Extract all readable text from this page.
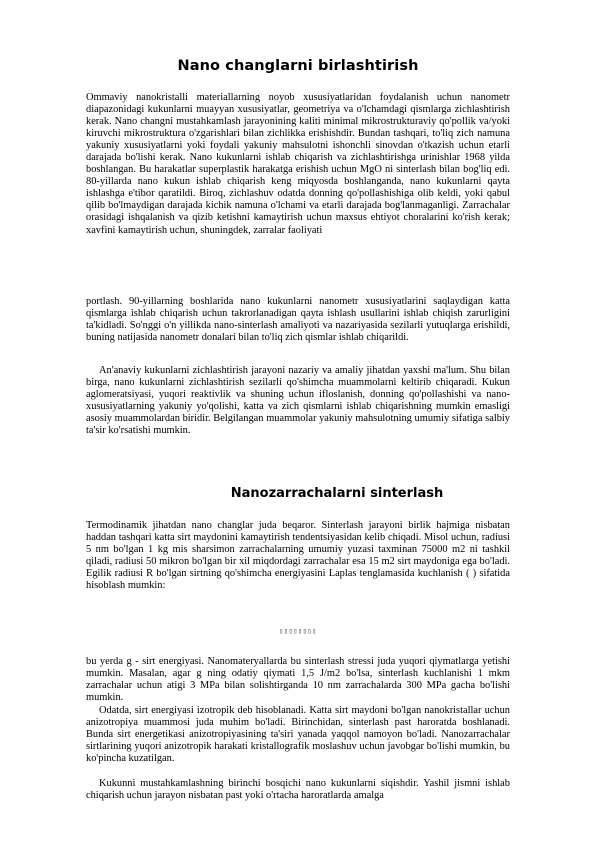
Nano changlarni birlashtirish

Ommaviy nanokristalli materiallarning noyob xususiyatlaridan foydalanish uchun nanometr diapazonidagi kukunlarni muayyan xususiyatlar, geometriya va o'lchamdagi qismlarga zichlashtirish kerak. Nano changni mustahkamlash jarayonining kaliti minimal mikrostrukturaviy qo'pollik va/yoki kiruvchi mikrostruktura o'zgarishlari bilan zichlikka erishishdir. Bundan tashqari, to'liq zich namuna yakuniy xususiyatlarni yoki foydali yakuniy mahsulotni ishonchli sinovdan o'tkazish uchun etarli darajada bo'lishi kerak. Nano kukunlarni ishlab chiqarish va zichlashtirishga urinishlar 1968 yilda boshlangan. Bu harakatlar superplastik harakatga erishish uchun MgO ni sinterlash bilan bog'liq edi. 80-yillarda nano kukun ishlab chiqarish keng miqyosda boshlanganda, nano kukunlarni qayta ishlashga e'tibor qaratildi. Biroq, zichlashuv odatda donning qo'pollashishiga olib keldi, yoki qabul qilib bo'lmaydigan darajada kichik namuna o'lchami va etarli darajada bog'lanmaganligi. Zarrachalar orasidagi ishqalanish va qizib ketishni kamaytirish uchun maxsus ehtiyot choralarini ko'rish kerak; xavfini kamaytirish uchun, shuningdek, zarralar faoliyati

portlash. 90-yillarning boshlarida nano kukunlarni nanometr xususiyatlarini saqlaydigan katta qismlarga ishlab chiqarish uchun takrorlanadigan qayta ishlash usullarini ishlab chiqish zarurligini ta'kidladi. So'nggi o'n yillikda nano-sinterlash amaliyoti va nazariyasida sezilarli yutuqlarga erishildi, buning natijasida nanometr donalari bilan to'liq zich qismlar ishlab chiqarildi.

An'anaviy kukunlarni zichlashtirish jarayoni nazariy va amaliy jihatdan yaxshi ma'lum. Shu bilan birga, nano kukunlarni zichlashtirish sezilarli qo'shimcha muammolarni keltirib chiqaradi. Kukun aglomeratsiyasi, yuqori reaktivlik va shuning uchun ifloslanish, donning qo'pollashishi va nano-xususiyatlarning yakuniy yo'qolishi, katta va zich qismlarni ishlab chiqarishning mumkin emasligi asosiy muammolardan biridir. Belgilangan muammolar yakuniy mahsulotning umumiy sifatiga salbiy ta'sir ko'rsatishi mumkin.

Nanozarrachalarni sinterlash

Termodinamik jihatdan nano changlar juda beqaror. Sinterlash jarayoni birlik hajmiga nisbatan haddan tashqari katta sirt maydonini kamaytirish tendentsiyasidan kelib chiqadi. Misol uchun, radiusi 5 nm bo'lgan 1 kg mis sharsimon zarrachalarning umumiy yuzasi taxminan 75000 m2 ni tashkil qiladi, radiusi 50 mikron bo'lgan bir xil miqdordagi zarrachalar esa 15 m2 sirt maydoniga ega bo'ladi. Egilik radiusi R bo'lgan sirtning qo'shimcha energiyasini Laplas tenglamasida kuchlanish ( ) sifatida hisoblash mumkin:

▯▯▯▯▯▯▯▯

bu yerda g - sirt energiyasi. Nanomateryallarda bu sinterlash stressi juda yuqori qiymatlarga yetishi mumkin. Masalan, agar g ning odatiy qiymati 1,5 J/m2 bo'lsa, sinterlash kuchlanishi 1 mkm zarrachalar uchun atigi 3 MPa bilan solishtirganda 10 nm zarrachalarda 300 MPa gacha bo'lishi mumkin.

Odatda, sirt energiyasi izotropik deb hisoblanadi. Katta sirt maydoni bo'lgan nanokristallar uchun anizotropiya muammosi juda muhim bo'ladi. Birinchidan, sinterlash past haroratda boshlanadi. Bunda sirt energetikasi anizotropiyasining ta'siri yanada yaqqol namoyon bo'ladi. Nanozarrachalar sirtlarining yuqori anizotropik harakati kristallografik moslashuv uchun javobgar bo'lishi mumkin, bu ko'pincha kuzatilgan.

Kukunni mustahkamlashning birinchi bosqichi nano kukunlarni siqishdir. Yashil jismni ishlab chiqarish uchun jarayon nisbatan past yoki o'rtacha haroratlarda amalga
